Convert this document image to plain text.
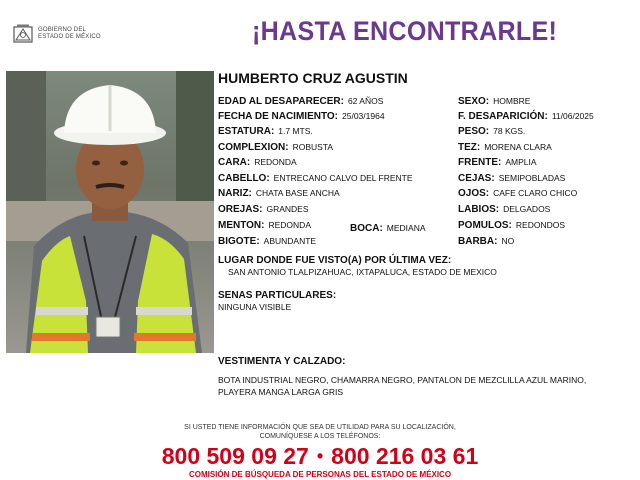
GOBIERNO DEL
ESTADO DE MÉXICO	¡HASTA ENCONTRARLE!
HUMBERTO CRUZ AGUSTIN
EDAD AL DESAPARECER: 62 AÑOS
FECHA DE NACIMIENTO: 25/03/1964
ESTATURA: 1.7 MTS.
COMPLEXION: ROBUSTA
CARA: REDONDA
CABELLO: ENTRECANO CALVO DEL FRENTE
NARIZ: CHATA BASE ANCHA
OREJAS: GRANDES
MENTON: REDONDA	BOCA: MEDIANA
BIGOTE: ABUNDANTE
SEXO: HOMBRE
F. DESAPARICIÓN: 11/06/2025
PESO: 78 KGS.
TEZ: MORENA CLARA
FRENTE: AMPLIA
CEJAS: SEMIPOBLADAS
OJOS: CAFE CLARO CHICO
LABIOS: DELGADOS
POMULOS: REDONDOS
BARBA: NO
LUGAR DONDE FUE VISTO(A) POR ÚLTIMA VEZ:
SAN ANTONIO TLALPIZAHUAC, IXTAPALUCA, ESTADO DE MEXICO
SENAS PARTICULARES:
NINGUNA VISIBLE
VESTIMENTA Y CALZADO:
BOTA INDUSTRIAL NEGRO, CHAMARRA NEGRO, PANTALON DE MEZCLILLA AZUL MARINO, PLAYERA MANGA LARGA GRIS
SI USTED TIENE INFORMACIÓN QUE SEA DE UTILIDAD PARA SU LOCALIZACIÓN,
COMUNÍQUESE A LOS TELÉFONOS:
800 509 09 27 • 800 216 03 61
COMISIÓN DE BÚSQUEDA DE PERSONAS DEL ESTADO DE MÉXICO
